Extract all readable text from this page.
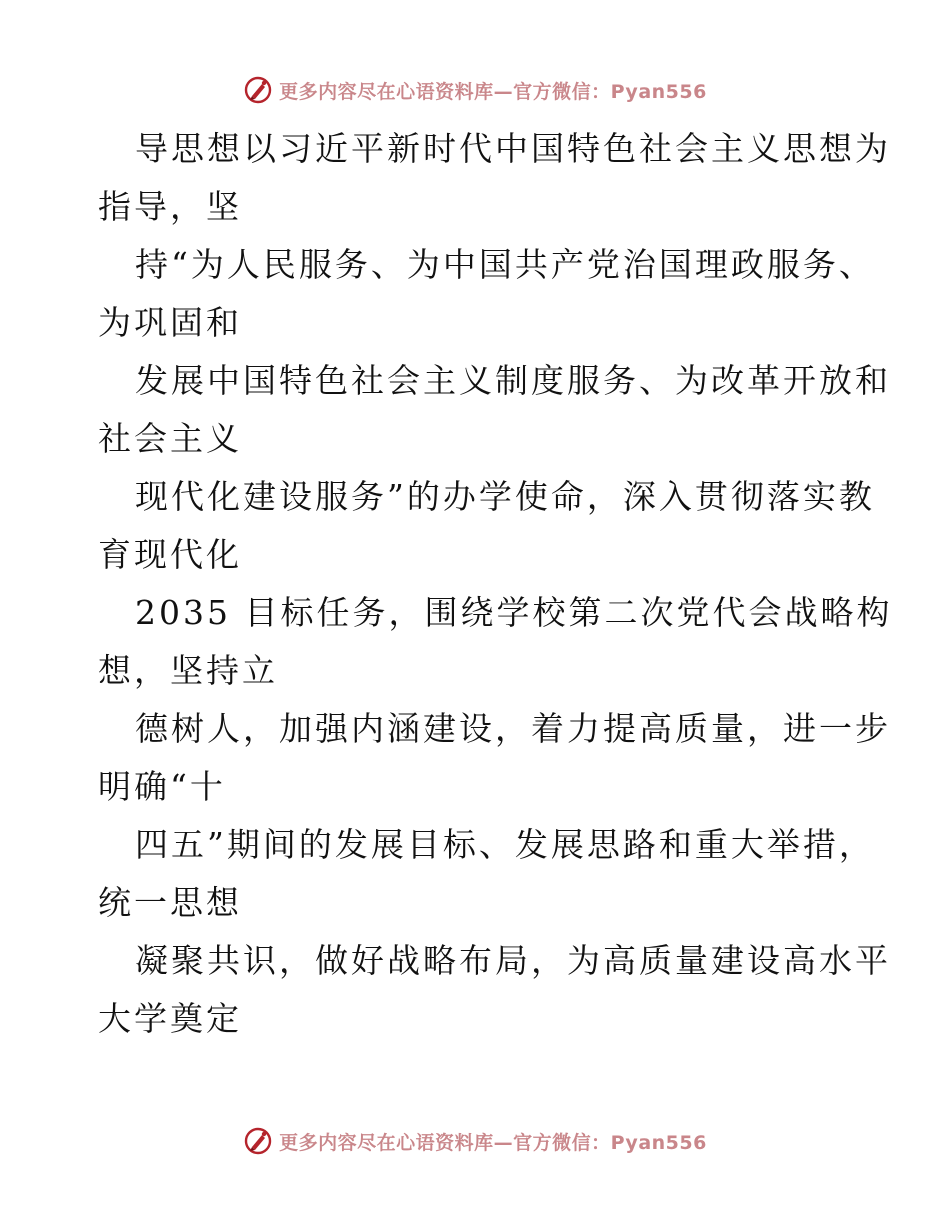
更多内容尽在心语资料库—官方微信：Pyan556
导思想以习近平新时代中国特色社会主义思想为
指导，坚
持“为人民服务、为中国共产党治国理政服务、
为巩固和
发展中国特色社会主义制度服务、为改革开放和
社会主义
现代化建设服务”的办学使命，深入贯彻落实教
育现代化
2035 目标任务，围绕学校第二次党代会战略构
想，坚持立
德树人，加强内涵建设，着力提高质量，进一步
明确“十
四五”期间的发展目标、发展思路和重大举措，
统一思想
凝聚共识，做好战略布局，为高质量建设高水平
大学奠定
更多内容尽在心语资料库—官方微信：Pyan556
